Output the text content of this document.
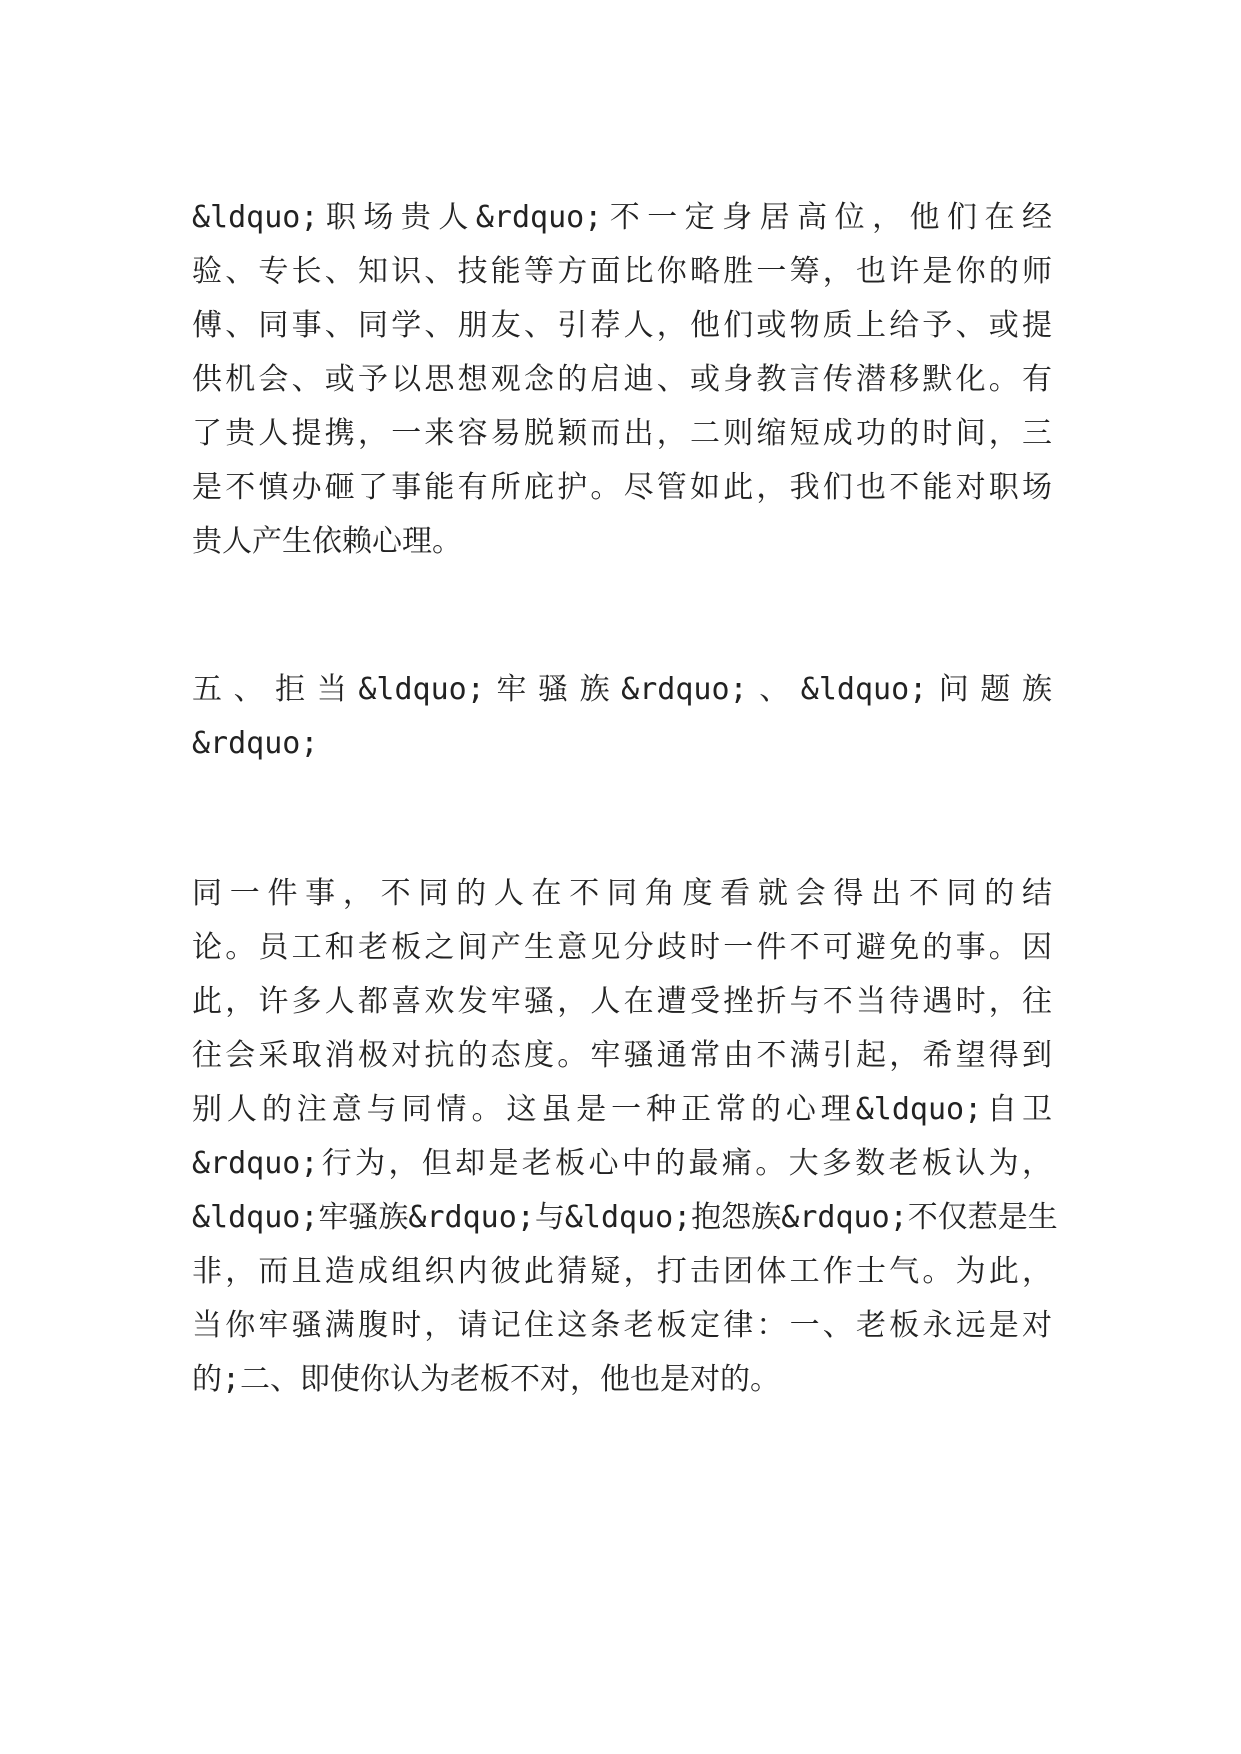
&ldquo;职场贵人&rdquo;不一定身居高位，他们在经
验、专长、知识、技能等方面比你略胜一筹，也许是你的师
傅、同事、同学、朋友、引荐人，他们或物质上给予、或提
供机会、或予以思想观念的启迪、或身教言传潜移默化。有
了贵人提携，一来容易脱颖而出，二则缩短成功的时间，三
是不慎办砸了事能有所庇护。尽管如此，我们也不能对职场
贵人产生依赖心理。
五、拒当&ldquo;牢骚族&rdquo;、&ldquo;问题族
&rdquo;
同一件事，不同的人在不同角度看就会得出不同的结
论。员工和老板之间产生意见分歧时一件不可避免的事。因
此，许多人都喜欢发牢骚，人在遭受挫折与不当待遇时，往
往会采取消极对抗的态度。牢骚通常由不满引起，希望得到
别人的注意与同情。这虽是一种正常的心理&ldquo;自卫
&rdquo;行为，但却是老板心中的最痛。大多数老板认为，
&ldquo;牢骚族&rdquo;与&ldquo;抱怨族&rdquo;不仅惹是生
非，而且造成组织内彼此猜疑，打击团体工作士气。为此，
当你牢骚满腹时，请记住这条老板定律：一、老板永远是对
的;二、即使你认为老板不对，他也是对的。
